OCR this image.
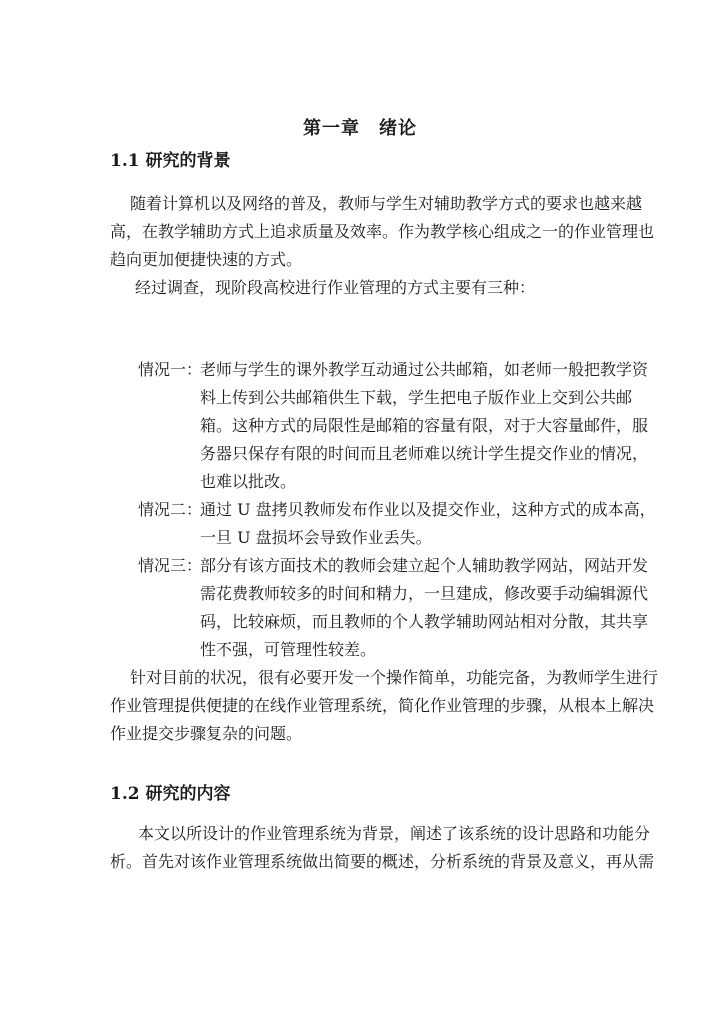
第一章　绪论
1.1 研究的背景
随着计算机以及网络的普及，教师与学生对辅助教学方式的要求也越来越
高，在教学辅助方式上追求质量及效率。作为教学核心组成之一的作业管理也
趋向更加便捷快速的方式。
经过调查，现阶段高校进行作业管理的方式主要有三种：
情况一：
老师与学生的课外教学互动通过公共邮箱，如老师一般把教学资
料上传到公共邮箱供生下载，学生把电子版作业上交到公共邮
箱。这种方式的局限性是邮箱的容量有限，对于大容量邮件，服
务器只保存有限的时间而且老师难以统计学生提交作业的情况，
也难以批改。
情况二：
通过 U 盘拷贝教师发布作业以及提交作业，这种方式的成本高，
一旦 U 盘损坏会导致作业丢失。
情况三：
部分有该方面技术的教师会建立起个人辅助教学网站，网站开发
需花费教师较多的时间和精力，一旦建成，修改要手动编辑源代
码，比较麻烦，而且教师的个人教学辅助网站相对分散，其共享
性不强，可管理性较差。
针对目前的状况，很有必要开发一个操作简单，功能完备，为教师学生进行
作业管理提供便捷的在线作业管理系统，简化作业管理的步骤，从根本上解决
作业提交步骤复杂的问题。
1.2 研究的内容
本文以所设计的作业管理系统为背景，阐述了该系统的设计思路和功能分
析。首先对该作业管理系统做出简要的概述，分析系统的背景及意义，再从需
